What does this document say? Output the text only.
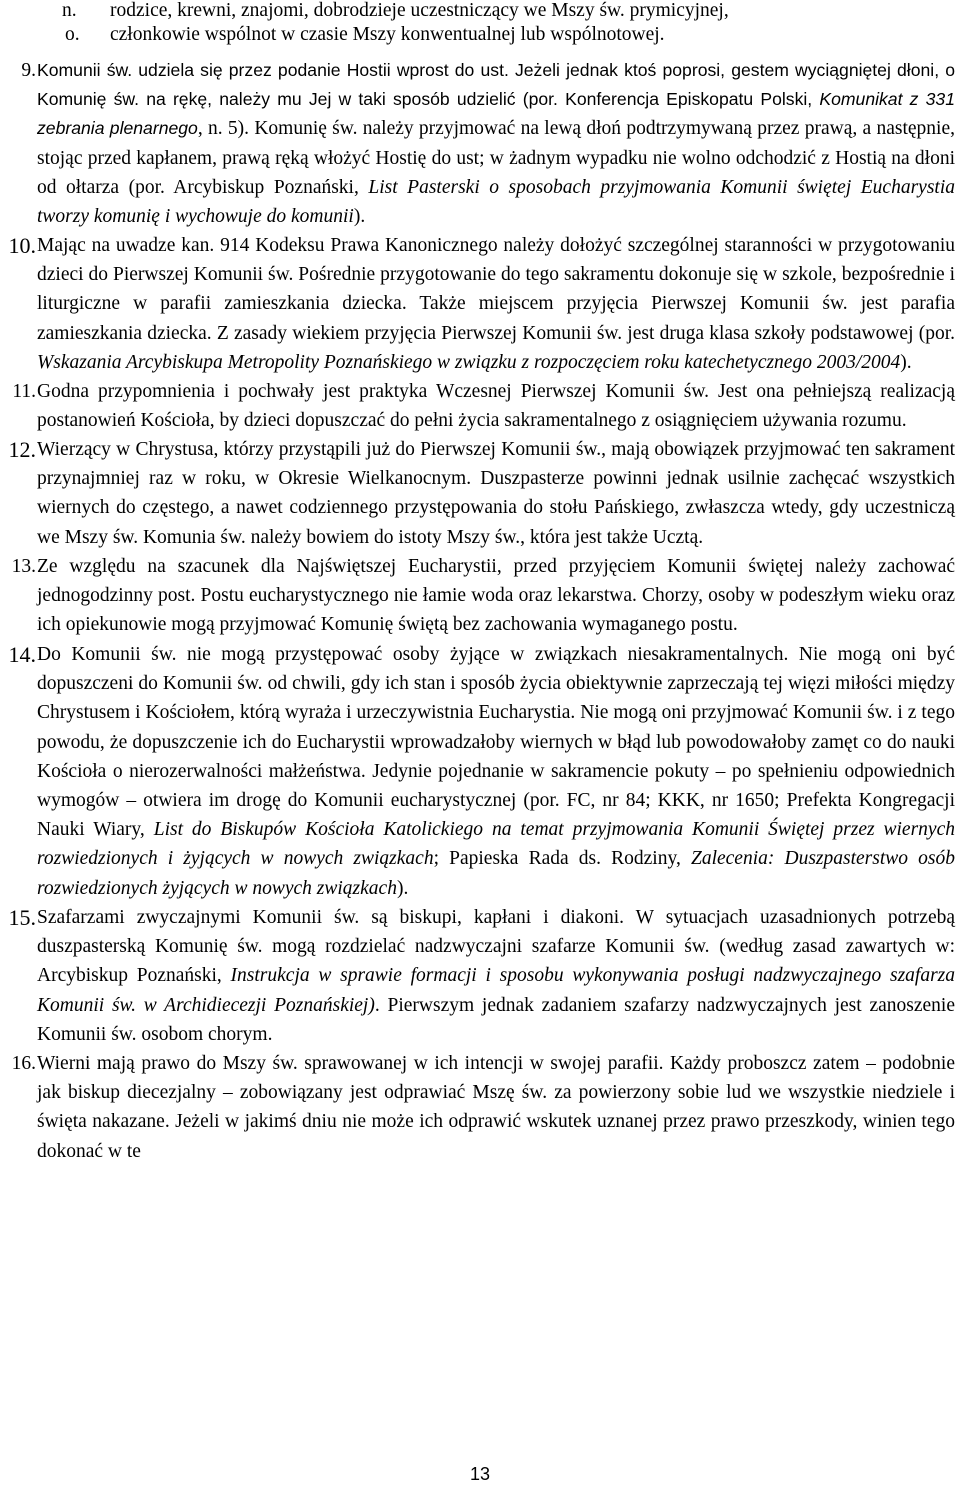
n. rodzice, krewni, znajomi, dobrodzieje uczestniczący we Mszy św. prymicyjnej,
o. członkowie wspólnot w czasie Mszy konwentualnej lub wspólnotowej.
9. Komunii św. udziela się przez podanie Hostii wprost do ust. Jeżeli jednak ktoś poprosi, gestem wyciągniętej dłoni, o Komunię św. na rękę, należy mu Jej w taki sposób udzielić (por. Konferencja Episkopatu Polski, Komunikat z 331 zebrania plenarnego, n. 5). Komunię św. należy przyjmować na lewą dłoń podtrzymywaną przez prawą, a następnie, stojąc przed kapłanem, prawą ręką włożyć Hostię do ust; w żadnym wypadku nie wolno odchodzić z Hostią na dłoni od ołtarza (por. Arcybiskup Poznański, List Pasterski o sposobach przyjmowania Komunii świętej Eucharystia tworzy komunię i wychowuje do komunii).
10. Mając na uwadze kan. 914 Kodeksu Prawa Kanonicznego należy dołożyć szczególnej staranności w przygotowaniu dzieci do Pierwszej Komunii św. Pośrednie przygotowanie do tego sakramentu dokonuje się w szkole, bezpośrednie i liturgiczne w parafii zamieszkania dziecka. Także miejscem przyjęcia Pierwszej Komunii św. jest parafia zamieszkania dziecka. Z zasady wiekiem przyjęcia Pierwszej Komunii św. jest druga klasa szkoły podstawowej (por. Wskazania Arcybiskupa Metropolity Poznańskiego w związku z rozpoczęciem roku katechetycznego 2003/2004).
11. Godna przypomnienia i pochwały jest praktyka Wczesnej Pierwszej Komunii św. Jest ona pełniejszą realizacją postanowień Kościoła, by dzieci dopuszczać do pełni życia sakramentalnego z osiągnięciem używania rozumu.
12. Wierzący w Chrystusa, którzy przystąpili już do Pierwszej Komunii św., mają obowiązek przyjmować ten sakrament przynajmniej raz w roku, w Okresie Wielkanocnym. Duszpasterze powinni jednak usilnie zachęcać wszystkich wiernych do częstego, a nawet codziennego przystępowania do stołu Pańskiego, zwłaszcza wtedy, gdy uczestniczą we Mszy św. Komunia św. należy bowiem do istoty Mszy św., która jest także Ucztą.
13. Ze względu na szacunek dla Najświętszej Eucharystii, przed przyjęciem Komunii świętej należy zachować jednogodzinny post. Postu eucharystycznego nie łamie woda oraz lekarstwa. Chorzy, osoby w podeszłym wieku oraz ich opiekunowie mogą przyjmować Komunię świętą bez zachowania wymaganego postu.
14. Do Komunii św. nie mogą przystępować osoby żyjące w związkach niesakramentalnych. Nie mogą oni być dopuszczeni do Komunii św. od chwili, gdy ich stan i sposób życia obiektywnie zaprzeczają tej więzi miłości między Chrystusem i Kościołem, którą wyraża i urzeczywistnia Eucharystia. Nie mogą oni przyjmować Komunii św. i z tego powodu, że dopuszczenie ich do Eucharystii wprowadzałoby wiernych w błąd lub powodowałoby zamęt co do nauki Kościoła o nierozerwalności małżeństwa. Jedynie pojednanie w sakramencie pokuty – po spełnieniu odpowiednich wymogów – otwiera im drogę do Komunii eucharystycznej (por. FC, nr 84; KKK, nr 1650; Prefekta Kongregacji Nauki Wiary, List do Biskupów Kościoła Katolickiego na temat przyjmowania Komunii Świętej przez wiernych rozwiedzionych i żyjących w nowych związkach; Papieska Rada ds. Rodziny, Zalecenia: Duszpasterstwo osób rozwiedzionych żyjących w nowych związkach).
15. Szafarzami zwyczajnymi Komunii św. są biskupi, kapłani i diakoni. W sytuacjach uzasadnionych potrzebą duszpasterską Komunię św. mogą rozdzielać nadzwyczajni szafarze Komunii św. (według zasad zawartych w: Arcybiskup Poznański, Instrukcja w sprawie formacji i sposobu wykonywania posługi nadzwyczajnego szafarza Komunii św. w Archidiecezji Poznańskiej). Pierwszym jednak zadaniem szafarzy nadzwyczajnych jest zanoszenie Komunii św. osobom chorym.
16. Wierni mają prawo do Mszy św. sprawowanej w ich intencji w swojej parafii. Każdy proboszcz zatem – podobnie jak biskup diecezjalny – zobowiązany jest odprawiać Mszę św. za powierzony sobie lud we wszystkie niedziele i święta nakazane. Jeżeli w jakimś dniu nie może ich odprawić wskutek uznanej przez prawo przeszkody, winien tego dokonać w te
13
